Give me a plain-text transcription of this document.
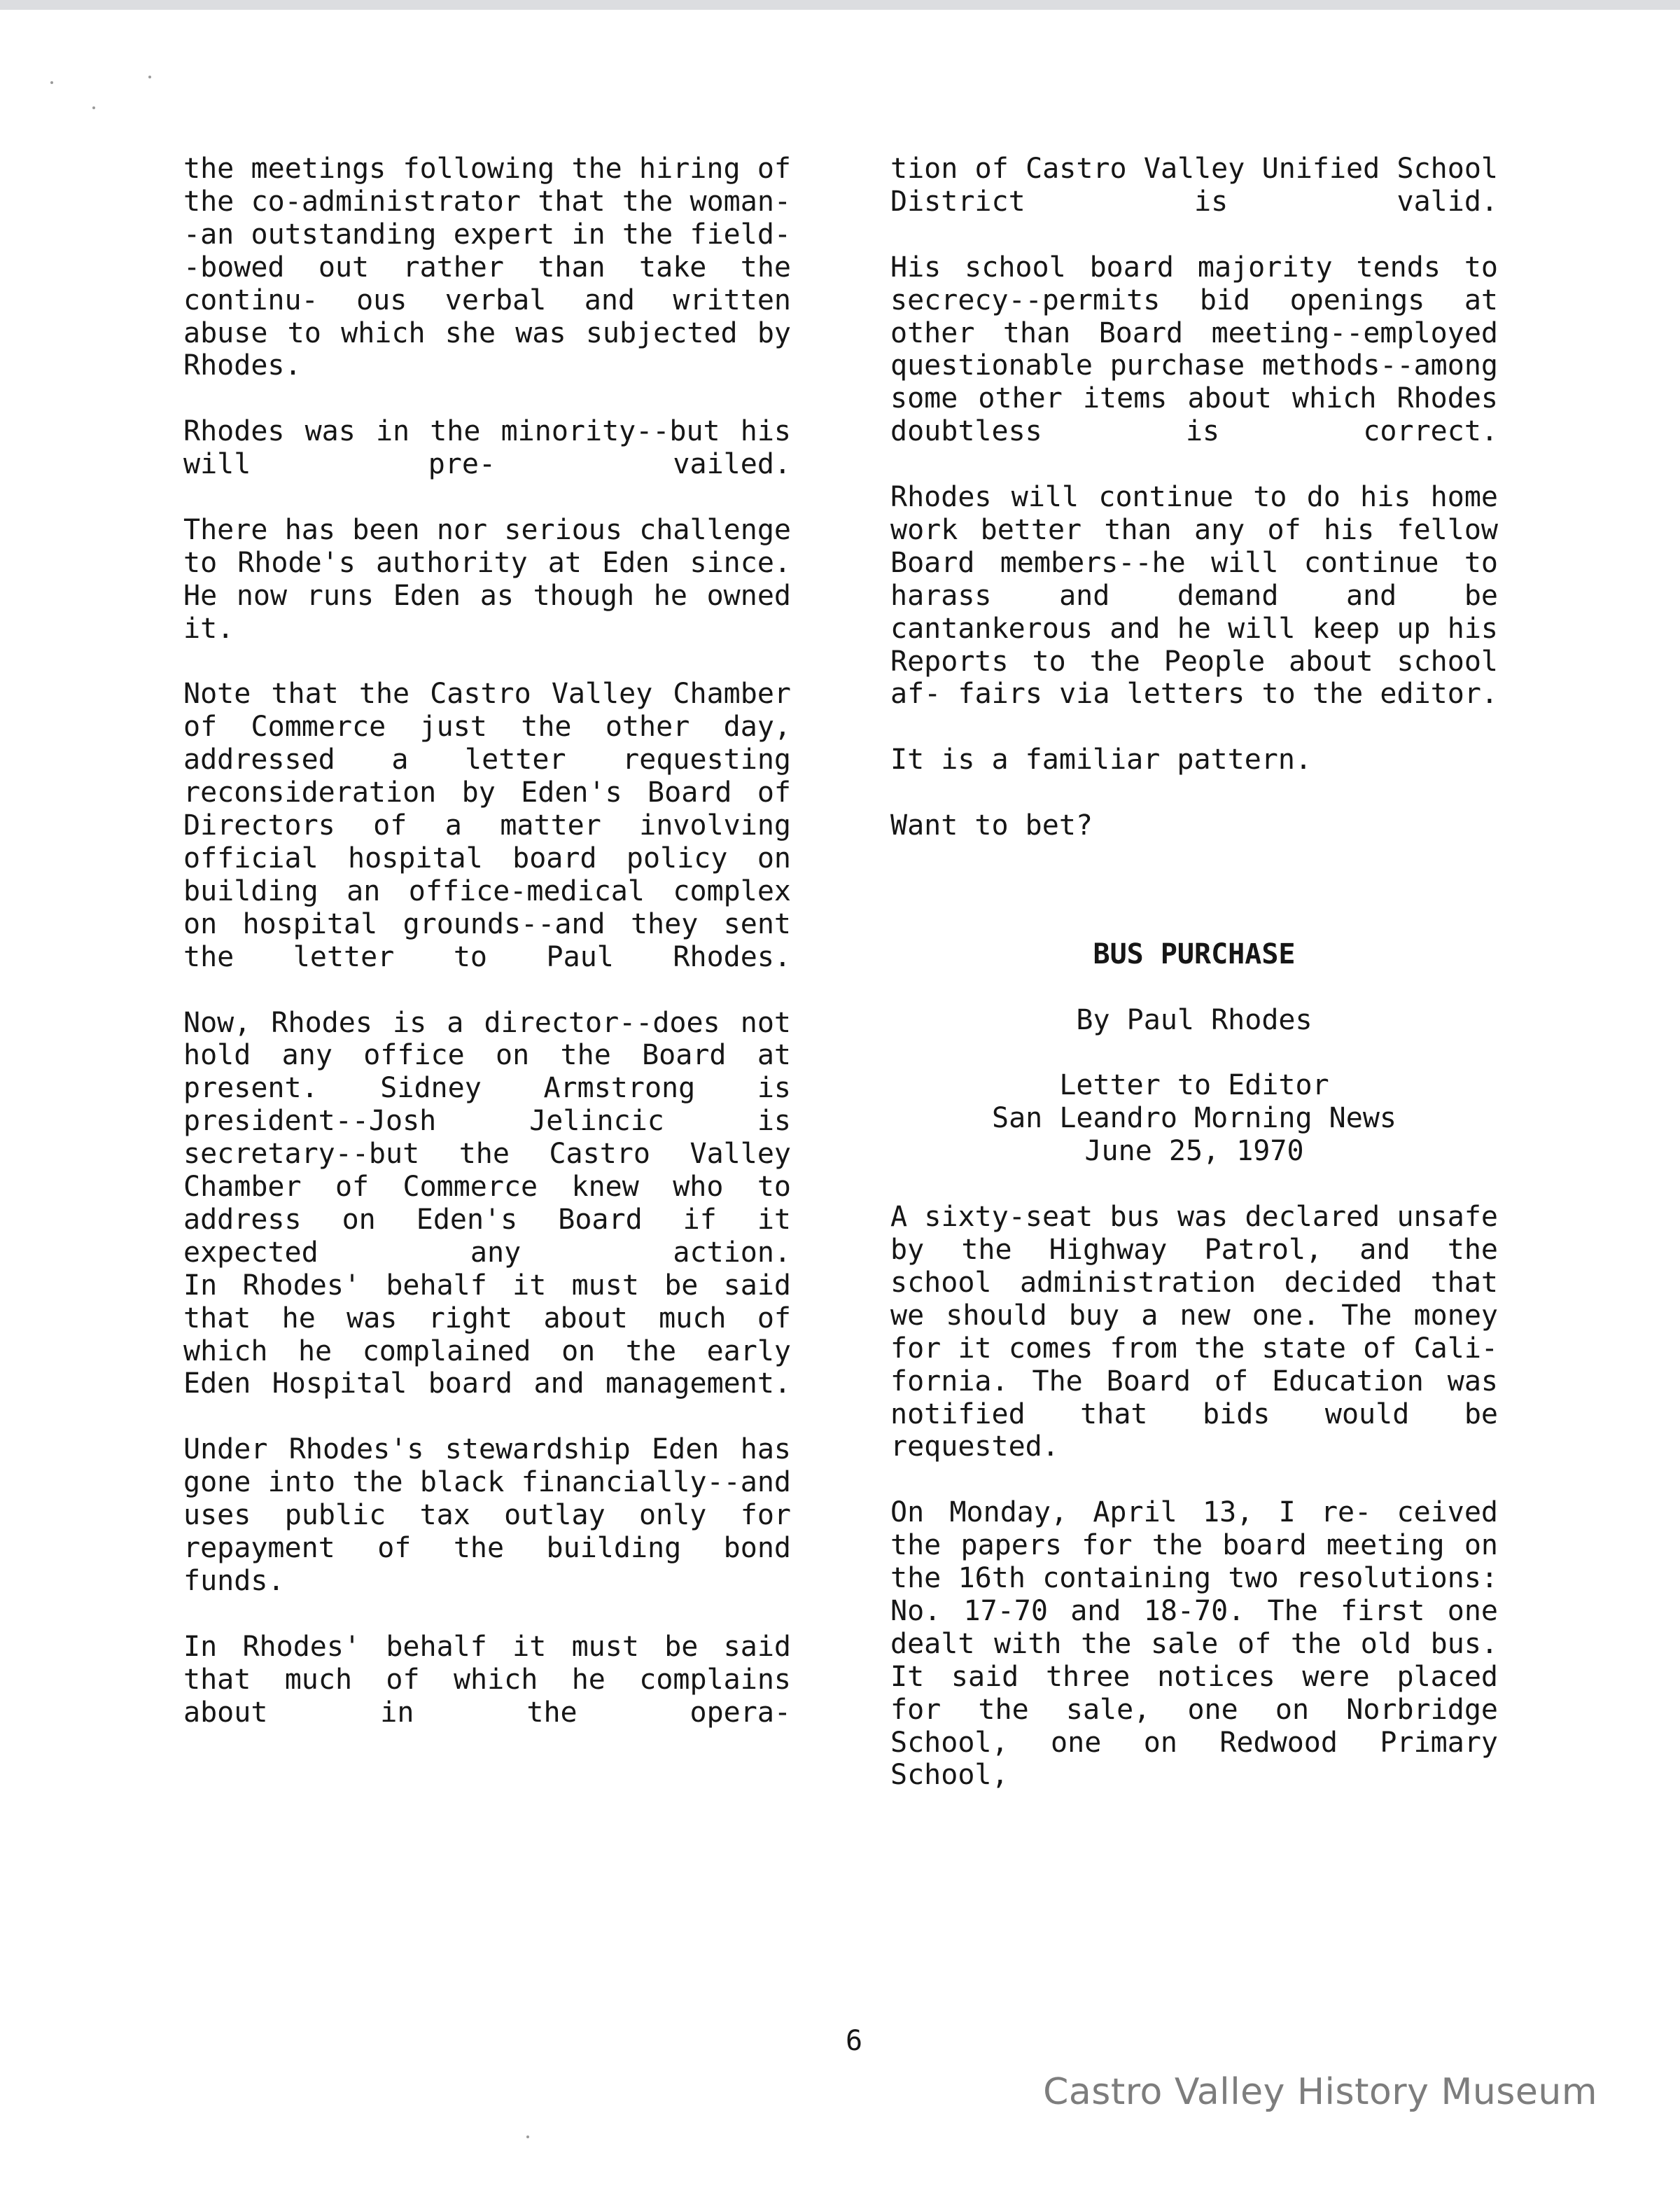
the meetings following the hiring of the co-administrator that the woman--an outstanding expert in the field--bowed out rather than take the continu- ous verbal and written abuse to which she was subjected by Rhodes.

Rhodes was in the minority--but his will pre- vailed.

There has been nor serious challenge to Rhode's authority at Eden since. He now runs Eden as though he owned it.

Note that the Castro Valley Chamber of Commerce just the other day, addressed a letter requesting reconsideration by Eden's Board of Directors of a matter involving official hospital board policy on building an office-medical complex on hospital grounds--and they sent the letter to Paul Rhodes.

Now, Rhodes is a director--does not hold any office on the Board at present. Sidney Armstrong is president--Josh Jelincic is secretary--but the Castro Valley Chamber of Commerce knew who to address on Eden's Board if it expected any action.

In Rhodes' behalf it must be said that he was right about much of which he complained on the early Eden Hospital board and management.

Under Rhodes's stewardship Eden has gone into the black financially--and uses public tax outlay only for repayment of the building bond funds.

In Rhodes' behalf it must be said that much of which he complains about in the opera-

tion of Castro Valley Unified School District is valid.

His school board majority tends to secrecy--permits bid openings at other than Board meeting--employed questionable purchase methods--among some other items about which Rhodes doubtless is correct.

Rhodes will continue to do his home work better than any of his fellow Board members--he will continue to harass and demand and be cantankerous and he will keep up his Reports to the People about school af- fairs via letters to the editor.

It is a familiar pattern.

Want to bet?

BUS PURCHASE
By Paul Rhodes
Letter to Editor
San Leandro Morning News
June 25, 1970

A sixty-seat bus was declared unsafe by the Highway Patrol, and the school administration decided that we should buy a new one. The money for it comes from the state of Cali- fornia. The Board of Education was notified that bids would be requested.

On Monday, April 13, I re- ceived the papers for the board meeting on the 16th containing two resolutions: No. 17-70 and 18-70. The first one dealt with the sale of the old bus. It said three notices were placed for the sale, one on Norbridge School, one on Redwood Primary School,

6
Castro Valley History Museum
